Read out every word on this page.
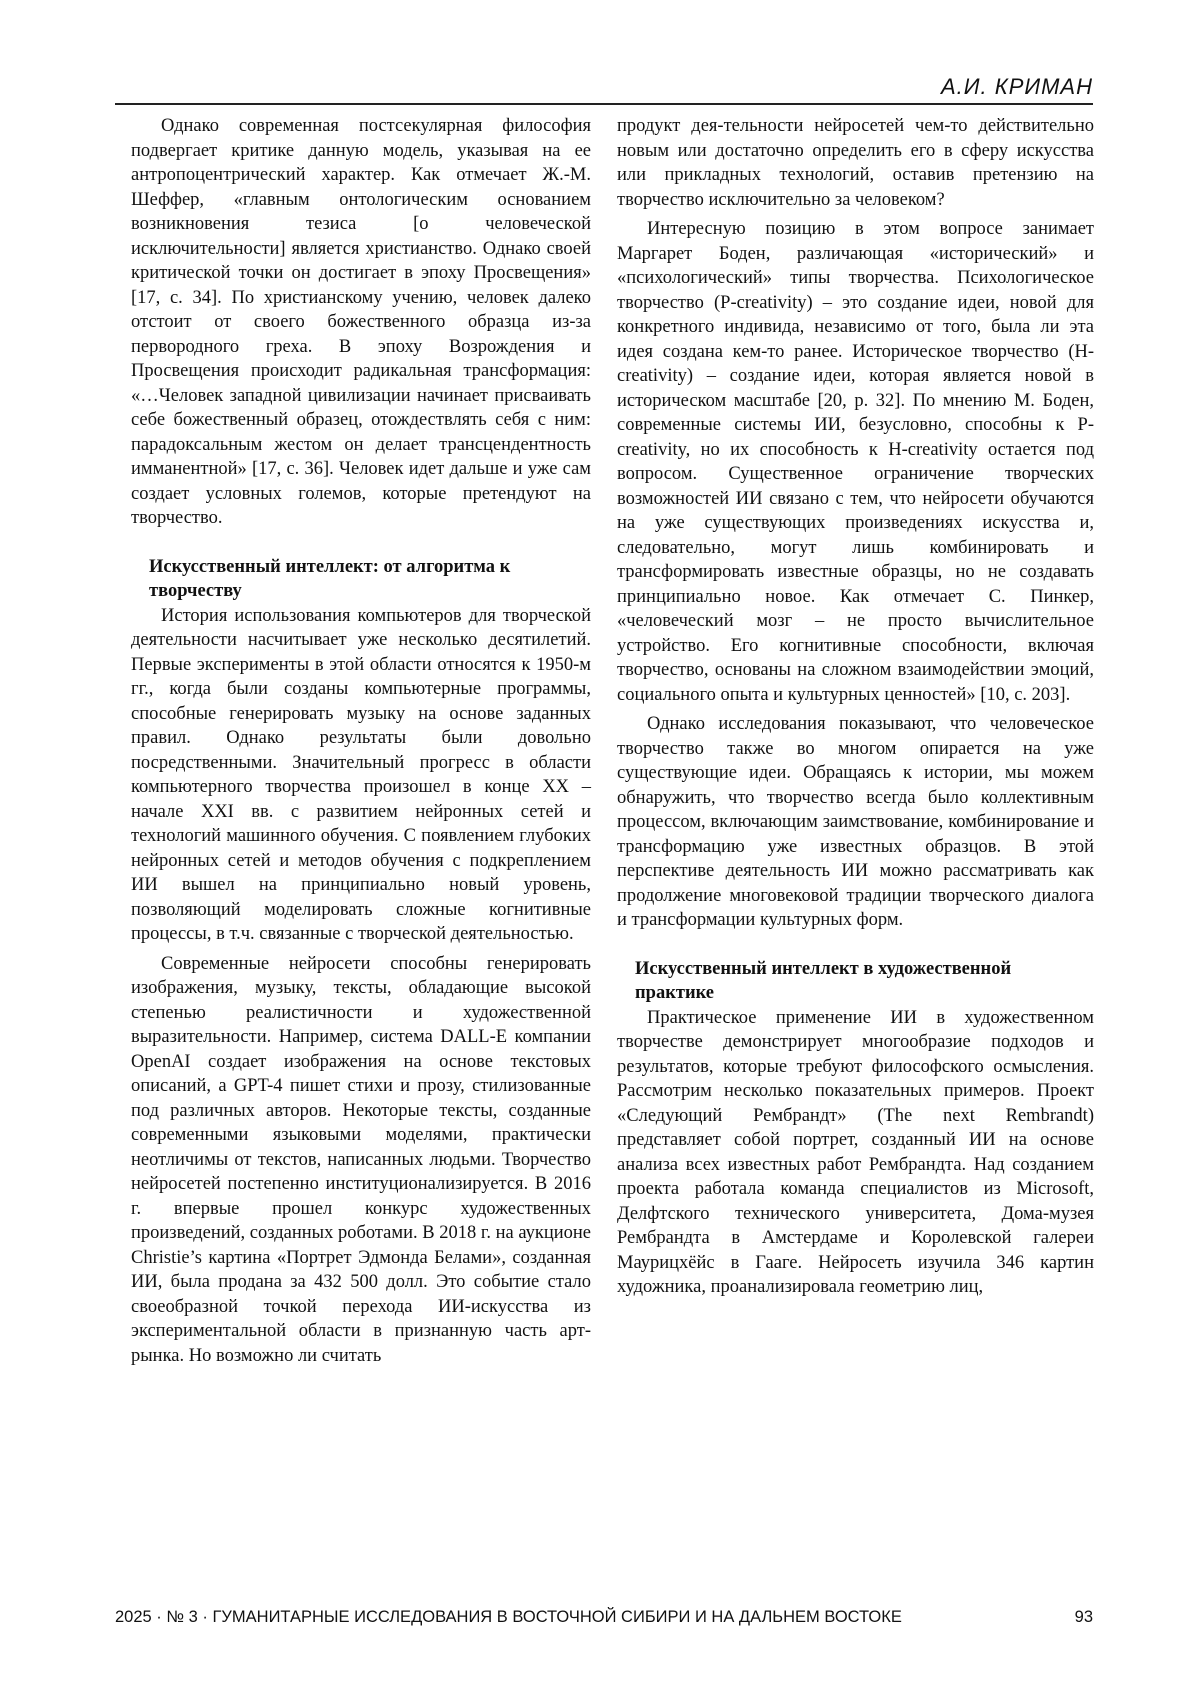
А.И. КРИМАН

Однако современная постсекулярная философия подвергает критике данную модель, указывая на ее антропоцентрический характер. Как отмечает Ж.-М. Шеффер, «главным онтологическим основанием возникновения тезиса [о человеческой исключительности] является христианство. Однако своей критической точки он достигает в эпоху Просвещения» [17, с. 34]. По христианскому учению, человек далеко отстоит от своего божественного образца из-за первородного греха. В эпоху Возрождения и Просвещения происходит радикальная трансформация: «…Человек западной цивилизации начинает присваивать себе божественный образец, отождествлять себя с ним: парадоксальным жестом он делает трансцендентность имманентной» [17, с. 36]. Человек идет дальше и уже сам создает условных големов, которые претендуют на творчество.

Искусственный интеллект: от алгоритма к творчеству

История использования компьютеров для творческой деятельности насчитывает уже несколько десятилетий. Первые эксперименты в этой области относятся к 1950-м гг., когда были созданы компьютерные программы, способные генерировать музыку на основе заданных правил. Однако результаты были довольно посредственными. Значительный прогресс в области компьютерного творчества произошел в конце XX – начале XXI вв. с развитием нейронных сетей и технологий машинного обучения. С появлением глубоких нейронных сетей и методов обучения с подкреплением ИИ вышел на принципиально новый уровень, позволяющий моделировать сложные когнитивные процессы, в т.ч. связанные с творческой деятельностью.

Современные нейросети способны генерировать изображения, музыку, тексты, обладающие высокой степенью реалистичности и художественной выразительности. Например, система DALL-E компании OpenAI создает изображения на основе текстовых описаний, а GPT-4 пишет стихи и прозу, стилизованные под различных авторов. Некоторые тексты, созданные современными языковыми моделями, практически неотличимы от текстов, написанных людьми. Творчество нейросетей постепенно институционализируется. В 2016 г. впервые прошел конкурс художественных произведений, созданных роботами. В 2018 г. на аукционе Christie’s картина «Портрет Эдмонда Белами», созданная ИИ, была продана за 432 500 долл. Это событие стало своеобразной точкой перехода ИИ-искусства из экспериментальной области в признанную часть арт-рынка. Но возможно ли считать

продукт дея-тельности нейросетей чем-то действительно новым или достаточно определить его в сферу искусства или прикладных технологий, оставив претензию на творчество исключительно за человеком?

Интересную позицию в этом вопросе занимает Маргарет Боден, различающая «исторический» и «психологический» типы творчества. Психологическое творчество (P-creativity) – это создание идеи, новой для конкретного индивида, независимо от того, была ли эта идея создана кем-то ранее. Историческое творчество (H-creativity) – создание идеи, которая является новой в историческом масштабе [20, p. 32]. По мнению М. Боден, современные системы ИИ, безусловно, способны к P-creativity, но их способность к H-creativity остается под вопросом. Существенное ограничение творческих возможностей ИИ связано с тем, что нейросети обучаются на уже существующих произведениях искусства и, следовательно, могут лишь комбинировать и трансформировать известные образцы, но не создавать принципиально новое. Как отмечает С. Пинкер, «человеческий мозг – не просто вычислительное устройство. Его когнитивные способности, включая творчество, основаны на сложном взаимодействии эмоций, социального опыта и культурных ценностей» [10, с. 203].

Однако исследования показывают, что человеческое творчество также во многом опирается на уже существующие идеи. Обращаясь к истории, мы можем обнаружить, что творчество всегда было коллективным процессом, включающим заимствование, комбинирование и трансформацию уже известных образцов. В этой перспективе деятельность ИИ можно рассматривать как продолжение многовековой традиции творческого диалога и трансформации культурных форм.

Искусственный интеллект в художественной практике

Практическое применение ИИ в художественном творчестве демонстрирует многообразие подходов и результатов, которые требуют философского осмысления. Рассмотрим несколько показательных примеров. Проект «Следующий Рембрандт» (The next Rembrandt) представляет собой портрет, созданный ИИ на основе анализа всех известных работ Рембрандта. Над созданием проекта работала команда специалистов из Microsoft, Делфтского технического университета, Дома-музея Рембрандта в Амстердаме и Королевской галереи Маурицхёйс в Гааге. Нейросеть изучила 346 картин художника, проанализировала геометрию лиц,

2025 · № 3 · ГУМАНИТАРНЫЕ ИССЛЕДОВАНИЯ В ВОСТОЧНОЙ СИБИРИ И НА ДАЛЬНЕМ ВОСТОКЕ	93
